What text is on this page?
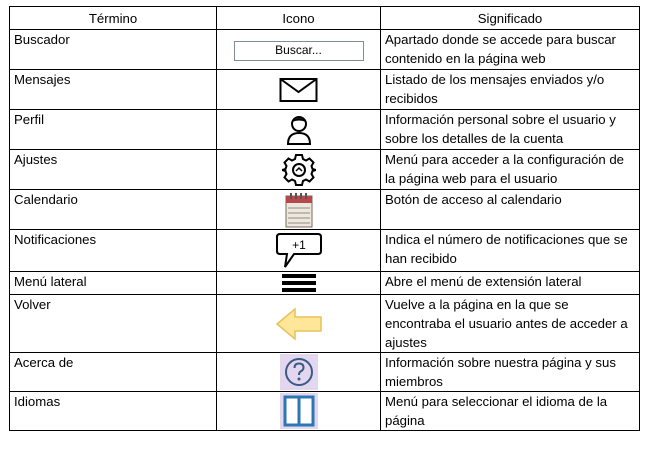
Término	Icono	Significado
Buscador	Buscar...	Apartado donde se accede para buscar contenido en la página web
Mensajes		Listado de los mensajes enviados y/o recibidos
Perfil		Información personal sobre el usuario y sobre los detalles de la cuenta
Ajustes		Menú para acceder a la configuración de la página web para el usuario
Calendario		Botón de acceso al calendario
Notificaciones	+1	Indica el número de notificaciones que se han recibido
Menú lateral		Abre el menú de extensión lateral
Volver		Vuelve a la página en la que se encontraba el usuario antes de acceder a ajustes
Acerca de		Información sobre nuestra página y sus miembros
Idiomas		Menú para seleccionar el idioma de la página
